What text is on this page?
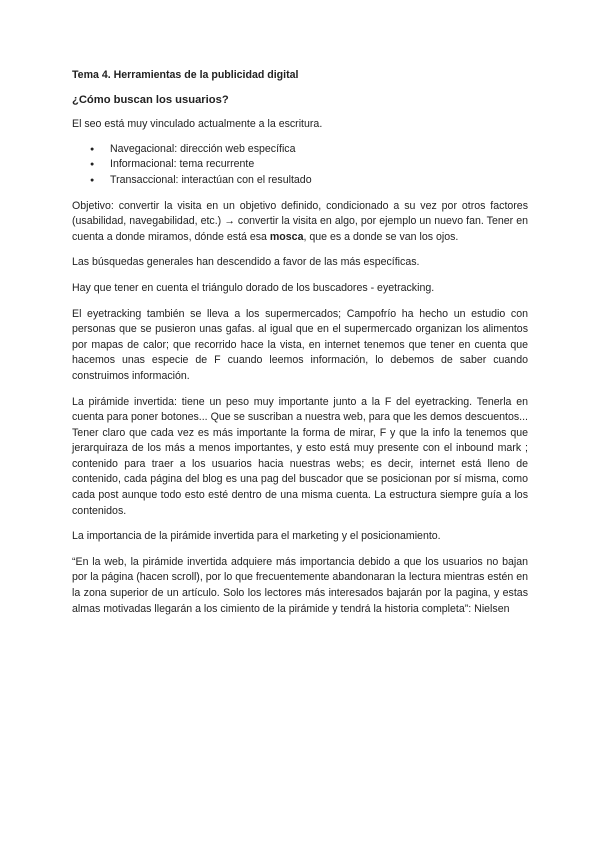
Tema 4. Herramientas de la publicidad digital
¿Cómo buscan los usuarios?

El seo está muy vinculado actualmente a la escritura.

● Navegacional: dirección web específica
● Informacional: tema recurrente
● Transaccional: interactúan con el resultado

Objetivo: convertir la visita en un objetivo definido, condicionado a su vez por otros factores (usabilidad, navegabilidad, etc.) → convertir la visita en algo, por ejemplo un nuevo fan. Tener en cuenta a donde miramos, dónde está esa mosca, que es a donde se van los ojos.

Las búsquedas generales han descendido a favor de las más específicas.

Hay que tener en cuenta el triángulo dorado de los buscadores - eyetracking.

El eyetracking también se lleva a los supermercados; Campofrío ha hecho un estudio con personas que se pusieron unas gafas. al igual que en el supermercado organizan los alimentos por mapas de calor; que recorrido hace la vista, en internet tenemos que tener en cuenta que hacemos unas especie de F cuando leemos información, lo debemos de saber cuando construimos información.

La pirámide invertida: tiene un peso muy importante junto a la F del eyetracking. Tenerla en cuenta para poner botones... Que se suscriban a nuestra web, para que les demos descuentos... Tener claro que cada vez es más importante la forma de mirar, F y que la info la tenemos que jerarquiraza de los más a menos importantes, y esto está muy presente con el inbound mark ; contenido para traer a los usuarios hacia nuestras webs; es decir, internet está lleno de contenido, cada página del blog es una pag del buscador que se posicionan por sí misma, como cada post aunque todo esto esté dentro de una misma cuenta. La estructura siempre guía a los contenidos.

La importancia de la pirámide invertida para el marketing y el posicionamiento.

“En la web, la pirámide invertida adquiere más importancia debido a que los usuarios no bajan por la página (hacen scroll), por lo que frecuentemente abandonaran la lectura mientras estén en la zona superior de un artículo. Solo los lectores más interesados bajarán por la pagina, y estas almas motivadas llegarán a los cimiento de la pirámide y tendrá la historia completa”: Nielsen
